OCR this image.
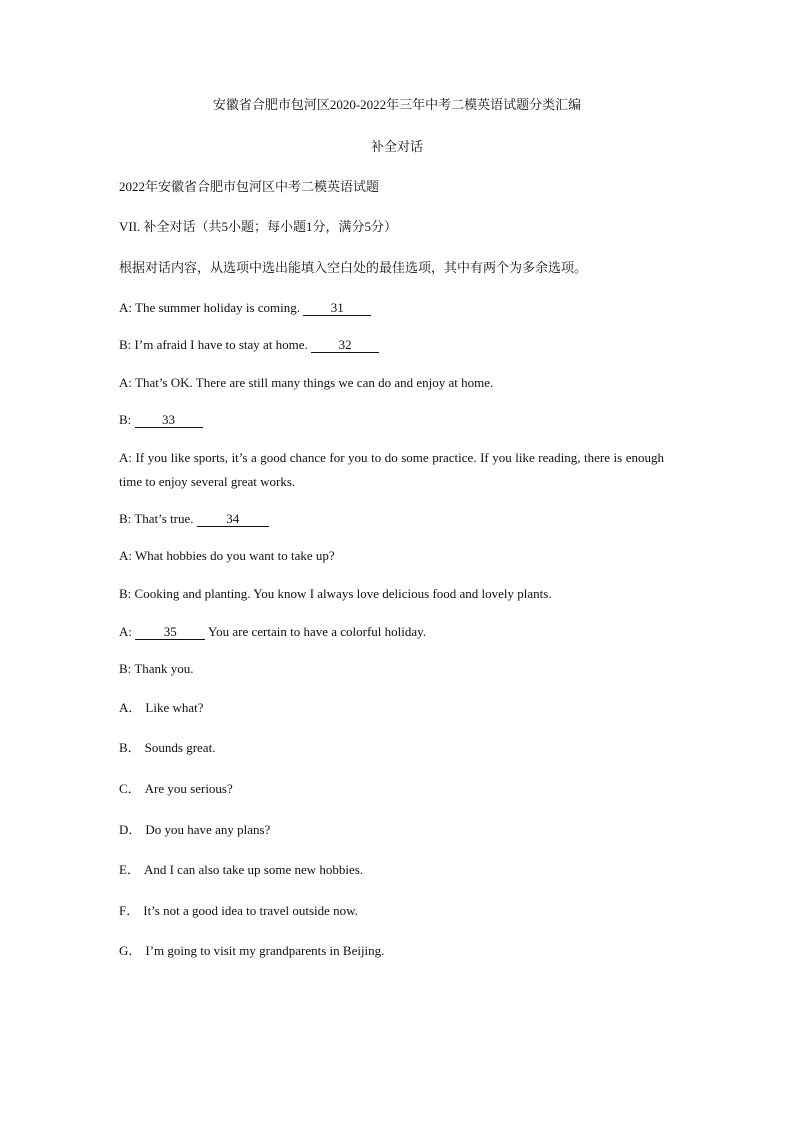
安徽省合肥市包河区2020-2022年三年中考二模英语试题分类汇编
补全对话
2022年安徽省合肥市包河区中考二模英语试题
VII. 补全对话（共5小题；每小题1分，满分5分）
根据对话内容，从选项中选出能填入空白处的最佳选项，其中有两个为多余选项。
A: The summer holiday is coming. 31
B: I’m afraid I have to stay at home. 32
A: That’s OK. There are still many things we can do and enjoy at home.
B: 33
A: If you like sports, it’s a good chance for you to do some practice. If you like reading, there is enough time to enjoy several great works.
B: That’s true.	34
A: What hobbies do you want to take up?
B: Cooking and planting. You know I always love delicious food and lovely plants.
A: 35 You are certain to have a colorful holiday.
B: Thank you.
A． Like what?
B． Sounds great.
C． Are you serious?
D． Do you have any plans?
E． And I can also take up some new hobbies.
F． It’s not a good idea to travel outside now.
G． I’m going to visit my grandparents in Beijing.
